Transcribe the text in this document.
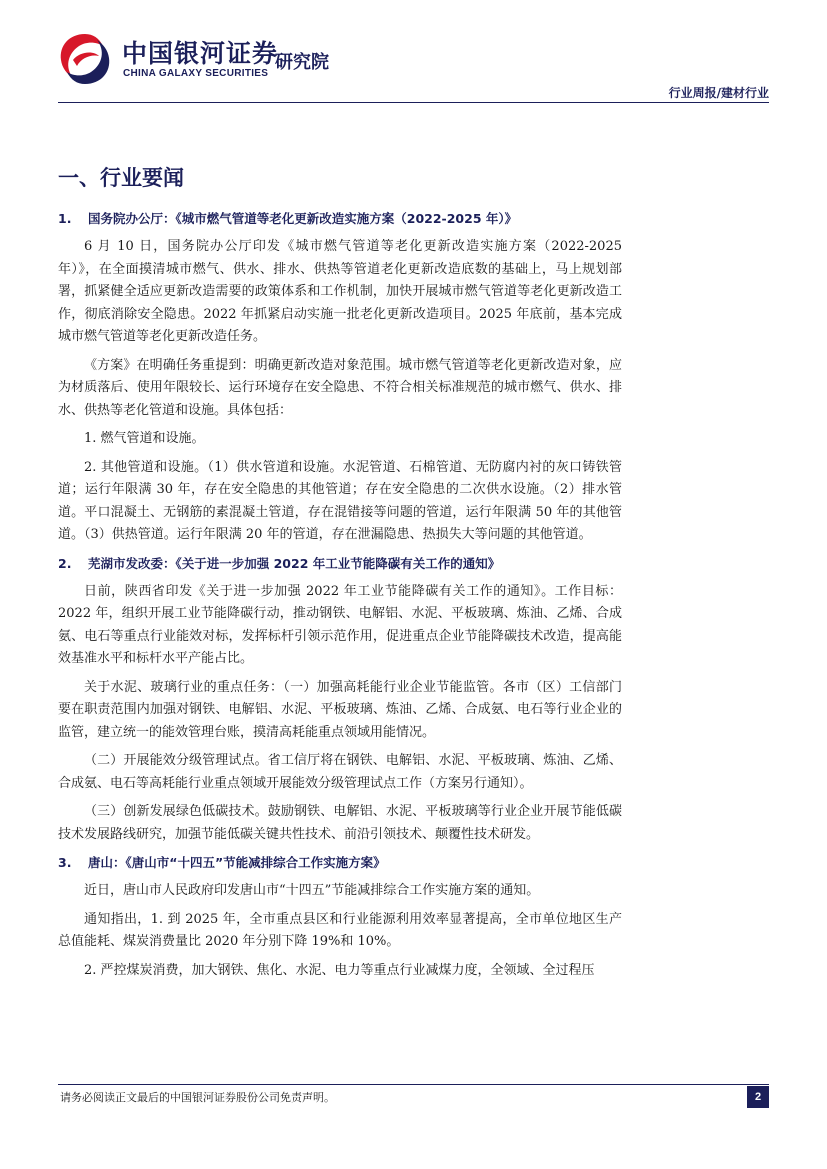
中国银河证券
CHINA GALAXY SECURITIES
研究院
行业周报/建材行业
一、行业要闻
1. 国务院办公厅：《城市燃气管道等老化更新改造实施方案（2022-2025 年）》

6 月 10 日，国务院办公厅印发《城市燃气管道等老化更新改造实施方案（2022-2025 年）》，在全面摸清城市燃气、供水、排水、供热等管道老化更新改造底数的基础上，马上规划部署，抓紧健全适应更新改造需要的政策体系和工作机制，加快开展城市燃气管道等老化更新改造工作，彻底消除安全隐患。2022 年抓紧启动实施一批老化更新改造项目。2025 年底前，基本完成城市燃气管道等老化更新改造任务。

《方案》在明确任务重提到：明确更新改造对象范围。城市燃气管道等老化更新改造对象，应为材质落后、使用年限较长、运行环境存在安全隐患、不符合相关标准规范的城市燃气、供水、排水、供热等老化管道和设施。具体包括：

1. 燃气管道和设施。

2. 其他管道和设施。（1）供水管道和设施。水泥管道、石棉管道、无防腐内衬的灰口铸铁管道；运行年限满 30 年，存在安全隐患的其他管道；存在安全隐患的二次供水设施。（2）排水管道。平口混凝土、无钢筋的素混凝土管道，存在混错接等问题的管道，运行年限满 50 年的其他管道。（3）供热管道。运行年限满 20 年的管道，存在泄漏隐患、热损失大等问题的其他管道。

2. 芜湖市发改委：《关于进一步加强 2022 年工业节能降碳有关工作的通知》

日前，陕西省印发《关于进一步加强 2022 年工业节能降碳有关工作的通知》。工作目标：2022 年，组织开展工业节能降碳行动，推动钢铁、电解铝、水泥、平板玻璃、炼油、乙烯、合成氨、电石等重点行业能效对标，发挥标杆引领示范作用，促进重点企业节能降碳技术改造，提高能效基准水平和标杆水平产能占比。

关于水泥、玻璃行业的重点任务：（一）加强高耗能行业企业节能监管。各市（区）工信部门要在职责范围内加强对钢铁、电解铝、水泥、平板玻璃、炼油、乙烯、合成氨、电石等行业企业的监管，建立统一的能效管理台账，摸清高耗能重点领域用能情况。

（二）开展能效分级管理试点。省工信厅将在钢铁、电解铝、水泥、平板玻璃、炼油、乙烯、合成氨、电石等高耗能行业重点领域开展能效分级管理试点工作（方案另行通知）。

（三）创新发展绿色低碳技术。鼓励钢铁、电解铝、水泥、平板玻璃等行业企业开展节能低碳技术发展路线研究，加强节能低碳关键共性技术、前沿引领技术、颠覆性技术研发。

3. 唐山：《唐山市“十四五”节能减排综合工作实施方案》

近日，唐山市人民政府印发唐山市“十四五”节能减排综合工作实施方案的通知。

通知指出，1. 到 2025 年，全市重点县区和行业能源利用效率显著提高，全市单位地区生产总值能耗、煤炭消费量比 2020 年分别下降 19%和 10%。

2. 严控煤炭消费，加大钢铁、焦化、水泥、电力等重点行业减煤力度，全领域、全过程压

请务必阅读正文最后的中国银河证券股份公司免责声明。	2
